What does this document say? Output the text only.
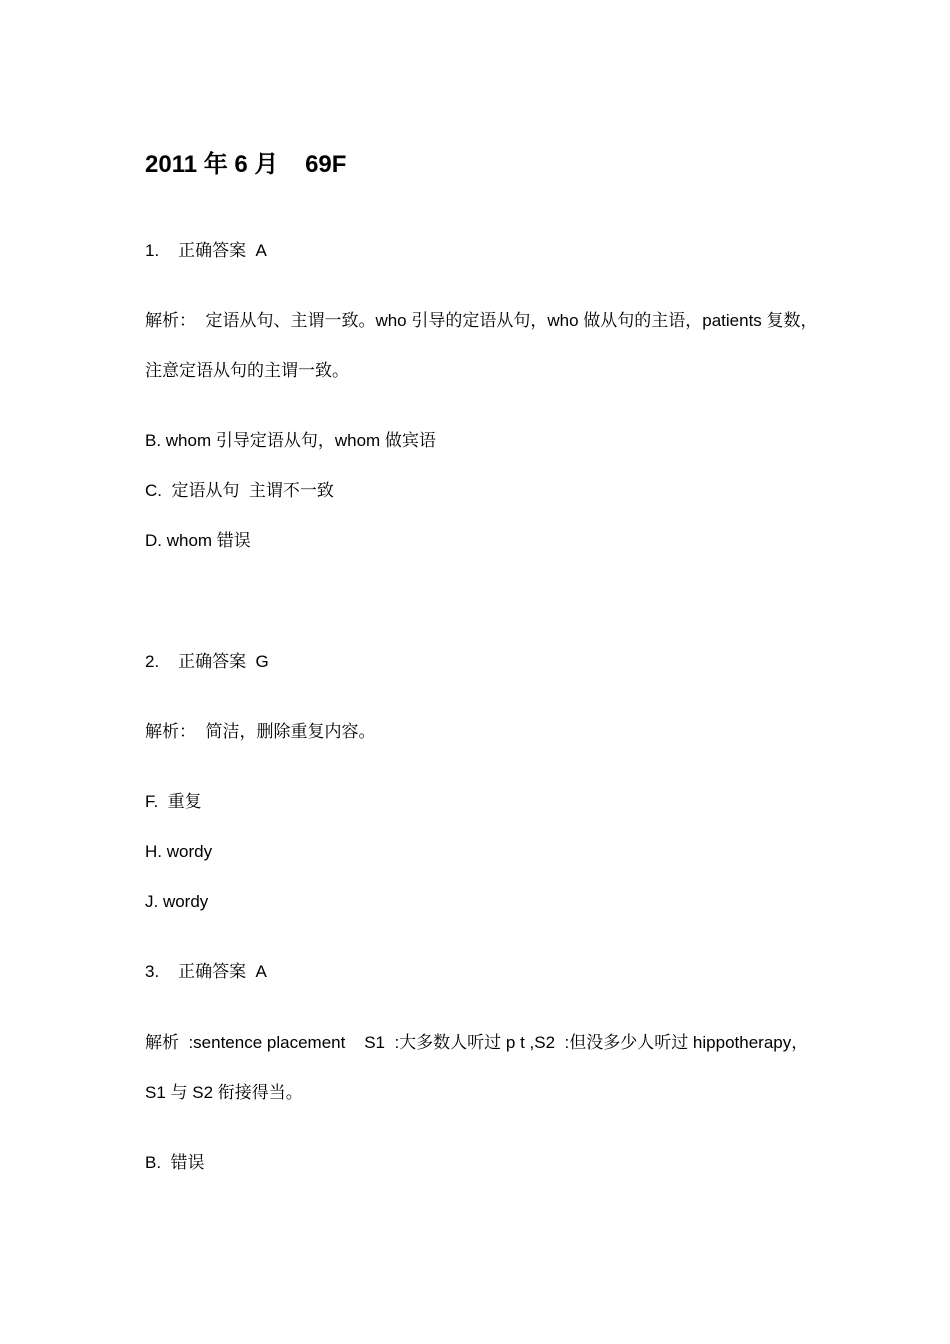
2011 年 6 月    69F
1.    正确答案  A
解析：  定语从句、主谓一致。who 引导的定语从句，who 做从句的主语，patients 复数，
注意定语从句的主谓一致。
B. whom 引导定语从句，whom 做宾语
C.  定语从句  主谓不一致
D. whom 错误
2.    正确答案  G
解析：  简洁，删除重复内容。
F.  重复
H. wordy
J. wordy
3.    正确答案  A
解析  :sentence placement    S1  :大多数人听过 p t ,S2  :但没多少人听过 hippotherapy，
S1 与 S2 衔接得当。
B.  错误
